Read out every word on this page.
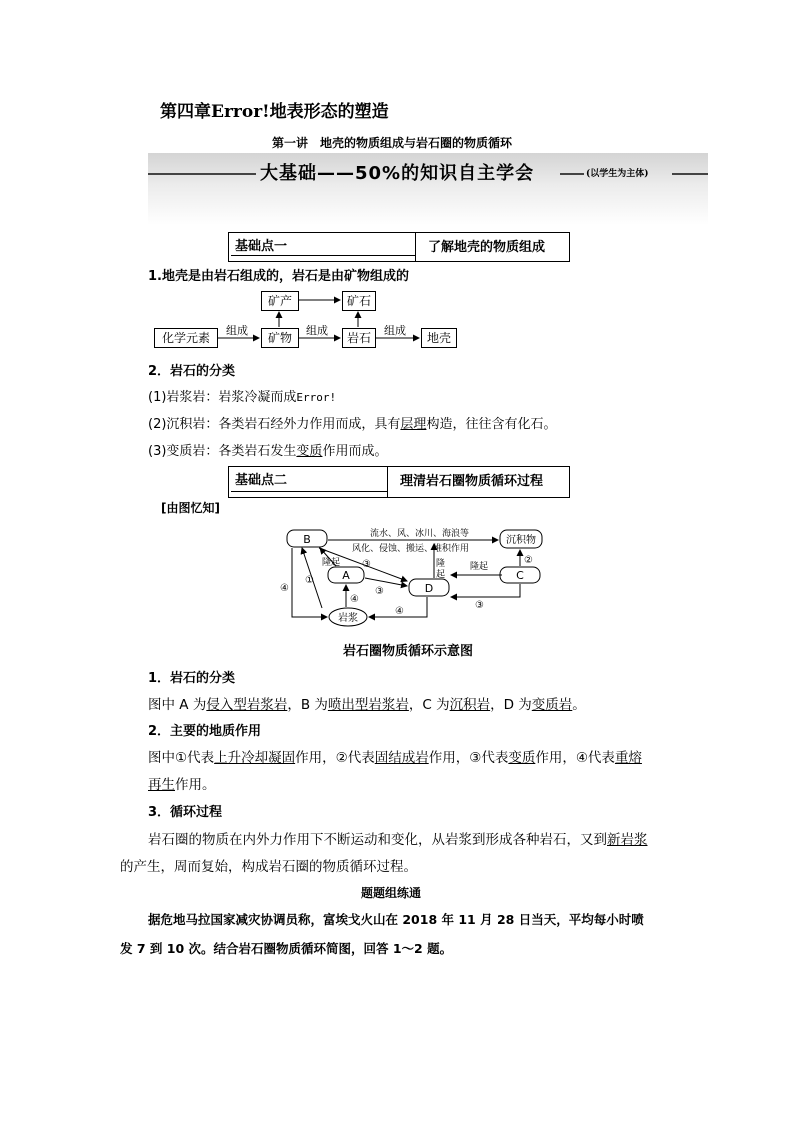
第四章Error!地表形态的塑造
第一讲　地壳的物质组成与岩石圈的物质循环
大基础——50%的知识自主学会	(以学生为主体)
基础点一	了解地壳的物质组成
1.地壳是由岩石组成的，岩石是由矿物组成的
矿产	矿石
化学元素	矿物	岩石	地壳
组成	组成	组成
2．岩石的分类
(1)岩浆岩：岩浆冷凝而成Error!
(2)沉积岩：各类岩石经外力作用而成，具有层理构造，往往含有化石。
(3)变质岩：各类岩石发生变质作用而成。
基础点二	理清岩石圈物质循环过程
[由图忆知]
B
A
D
C
沉积物
岩浆
流水、风、冰川、海浪等
风化、侵蚀、搬运、堆积作用
隆
起
②
隆起	隆起
③
③
③
④
④
④
①
岩石圈物质循环示意图
1．岩石的分类
图中 A 为侵入型岩浆岩，B 为喷出型岩浆岩，C 为沉积岩，D 为变质岩。
2．主要的地质作用
图中①代表上升冷却凝固作用，②代表固结成岩作用，③代表变质作用，④代表重熔
再生作用。
3．循环过程
岩石圈的物质在内外力作用下不断运动和变化，从岩浆到形成各种岩石，又到新岩浆
的产生，周而复始，构成岩石圈的物质循环过程。
题题组练通
据危地马拉国家减灾协调员称，富埃戈火山在 2018 年 11 月 28 日当天，平均每小时喷
发 7 到 10 次。结合岩石圈物质循环简图，回答 1～2 题。
